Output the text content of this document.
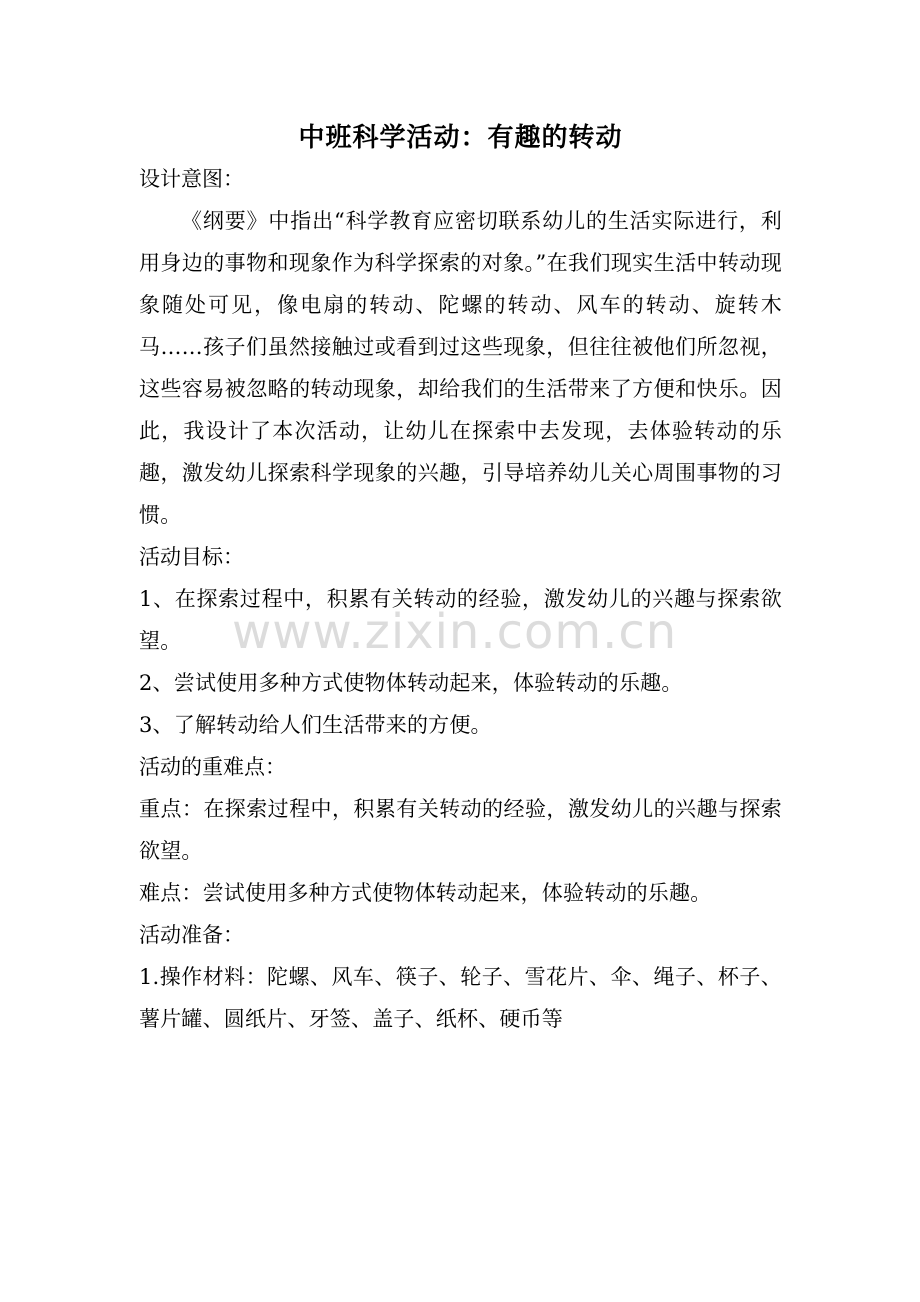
中班科学活动：有趣的转动

设计意图：

《纲要》中指出“科学教育应密切联系幼儿的生活实际进行，利用身边的事物和现象作为科学探索的对象。”在我们现实生活中转动现象随处可见，像电扇的转动、陀螺的转动、风车的转动、旋转木马……孩子们虽然接触过或看到过这些现象，但往往被他们所忽视，这些容易被忽略的转动现象，却给我们的生活带来了方便和快乐。因此，我设计了本次活动，让幼儿在探索中去发现，去体验转动的乐趣，激发幼儿探索科学现象的兴趣，引导培养幼儿关心周围事物的习惯。

活动目标：

1、在探索过程中，积累有关转动的经验，激发幼儿的兴趣与探索欲望。

2、尝试使用多种方式使物体转动起来，体验转动的乐趣。

3、了解转动给人们生活带来的方便。

活动的重难点：

重点：在探索过程中，积累有关转动的经验，激发幼儿的兴趣与探索欲望。

难点：尝试使用多种方式使物体转动起来，体验转动的乐趣。

活动准备：

1.操作材料：陀螺、风车、筷子、轮子、雪花片、伞、绳子、杯子、薯片罐、圆纸片、牙签、盖子、纸杯、硬币等

www.zixin.com.cn
